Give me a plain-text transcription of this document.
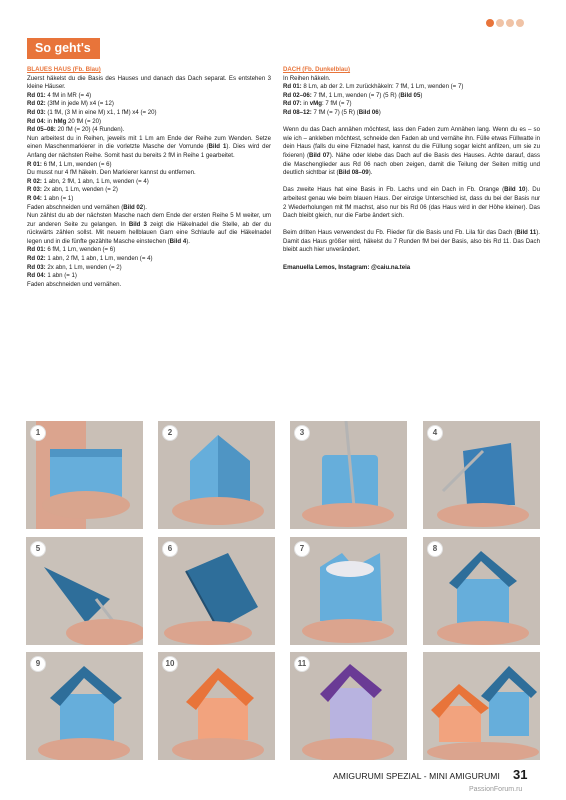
So geht's

BLAUES HAUS (Fb. Blau)

Zuerst häkelst du die Basis des Hauses und danach das Dach separat. Es entstehen 3 kleine Häuser.

Rd 01: 4 fM in MR (= 4)

Rd 02: (3fM in jede M) x4 (= 12)

Rd 03: (1 fM, (3 M in eine M) x1, 1 fM) x4 (= 20)

Rd 04: in hMg 20 fM (= 20)

Rd 05–08: 20 fM (= 20) (4 Runden).

Nun arbeitest du in Reihen, jeweils mit 1 Lm am Ende der Reihe zum Wenden. Setze einen Maschenmarkierer in die vorletzte Masche der Vorrunde (Bild 1). Dies wird der Anfang der nächsten Reihe. Somit hast du bereits 2 fM in Reihe 1 gearbeitet.

R 01: 6 fM, 1 Lm, wenden (= 6)

Du musst nur 4 fM häkeln. Den Markierer kannst du entfernen.

R 02: 1 abn, 2 fM, 1 abn, 1 Lm, wenden (= 4)

R 03: 2x abn, 1 Lm, wenden (= 2)

R 04: 1 abn (= 1)

Faden abschneiden und vernähen (Bild 02).

Nun zählst du ab der nächsten Masche nach dem Ende der ersten Reihe 5 M weiter, um zur anderen Seite zu gelangen. In Bild 3 zeigt die Häkelnadel die Stelle, ab der du rückwärts zählen sollst. Mit neuem hellblauen Garn eine Schlaufe auf die Häkelnadel legen und in die fünfte gezählte Masche einstechen (Bild 4).

Rd 01: 6 fM, 1 Lm, wenden (= 6)

Rd 02: 1 abn, 2 fM, 1 abn, 1 Lm, wenden (= 4)

Rd 03: 2x abn, 1 Lm, wenden (= 2)

Rd 04: 1 abn (= 1)

Faden abschneiden und vernähen.

DACH (Fb. Dunkelblau)

In Reihen häkeln.

Rd 01: 8 Lm, ab der 2. Lm zurückhäkeln: 7 fM, 1 Lm, wenden (= 7)

Rd 02–06: 7 fM, 1 Lm, wenden (= 7) (5 R) (Bild 05)

Rd 07: in vMg: 7 fM (= 7)

Rd 08–12: 7 fM (= 7) (5 R) (Bild 06)

Wenn du das Dach annähen möchtest, lass den Faden zum Annähen lang. Wenn du es – so wie ich – ankleben möchtest, schneide den Faden ab und vernähe ihn. Fülle etwas Füllwatte in dein Haus (falls du eine Filznadel hast, kannst du die Füllung sogar leicht anfilzen, um sie zu fixieren) (Bild 07). Nähe oder klebe das Dach auf die Basis des Hauses. Achte darauf, dass die Maschenglieder aus Rd 06 nach oben zeigen, damit die Teilung der Seiten mittig und deutlich sichtbar ist (Bild 08–09).

Das zweite Haus hat eine Basis in Fb. Lachs und ein Dach in Fb. Orange (Bild 10). Du arbeitest genau wie beim blauen Haus. Der einzige Unterschied ist, dass du bei der Basis nur 2 Wiederholungen mit fM machst, also nur bis Rd 06 (das Haus wird in der Höhe kleiner). Das Dach bleibt gleich, nur die Farbe ändert sich.

Beim dritten Haus verwendest du Fb. Flieder für die Basis und Fb. Lila für das Dach (Bild 11). Damit das Haus größer wird, häkelst du 7 Runden fM bei der Basis, also bis Rd 11. Das Dach bleibt auch hier unverändert.

Emanuella Lemos, Instagram: @caiu.na.teia

1	2	3	4
5	6	7	8
9	10	11
AMIGURUMI SPEZIAL - MINI AMIGURUMI 31
PassionForum.ru
